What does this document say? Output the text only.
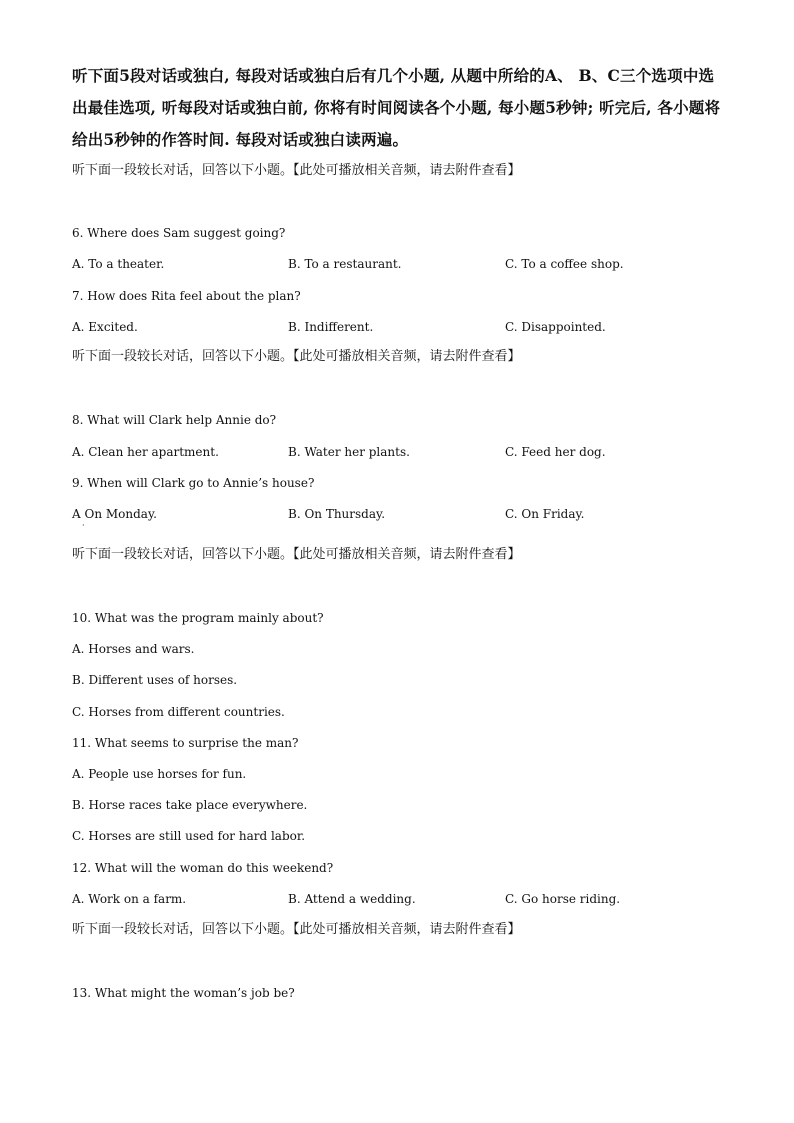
听下面5段对话或独白, 每段对话或独白后有几个小题, 从题中所给的A、 B、C三个选项中选出最佳选项, 听每段对话或独白前, 你将有时间阅读各个小题, 每小题5秒钟; 听完后, 各小题将给出5秒钟的作答时间. 每段对话或独白读两遍。
听下面一段较长对话，回答以下小题。【此处可播放相关音频，请去附件查看】
6. Where does Sam suggest going?
A. To a theater.	B. To a restaurant.	C. To a coffee shop.
7. How does Rita feel about the plan?
A. Excited.	B. Indifferent.	C. Disappointed.
听下面一段较长对话，回答以下小题。【此处可播放相关音频，请去附件查看】
8. What will Clark help Annie do?
A. Clean her apartment.	B. Water her plants.	C. Feed her dog.
9. When will Clark go to Annie’s house?
A On Monday.
·
B. On Thursday.	C. On Friday.
听下面一段较长对话，回答以下小题。【此处可播放相关音频，请去附件查看】
10. What was the program mainly about?
A. Horses and wars.
B. Different uses of horses.
C. Horses from different countries.
11. What seems to surprise the man?
A. People use horses for fun.
B. Horse races take place everywhere.
C. Horses are still used for hard labor.
12. What will the woman do this weekend?
A. Work on a farm.	B. Attend a wedding.	C. Go horse riding.
听下面一段较长对话，回答以下小题。【此处可播放相关音频，请去附件查看】
13. What might the woman’s job be?
